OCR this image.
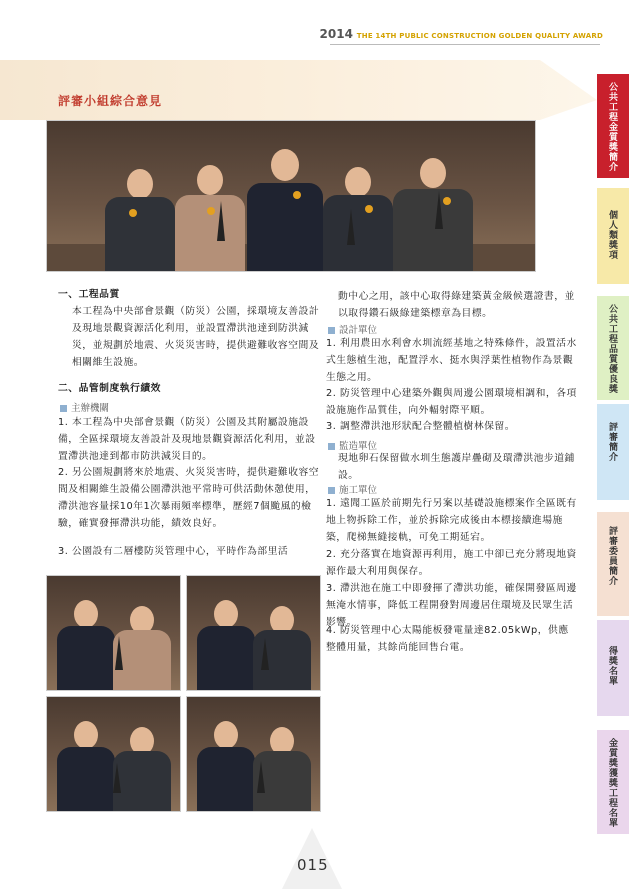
2014 THE 14TH PUBLIC CONSTRUCTION GOLDEN QUALITY AWARD
評審小組綜合意見
一、工程品質
本工程為中央部會景觀（防災）公園，採環境友善設計及現地景觀資源活化利用，並設置滯洪池達到防洪減災，並規劃於地震、火災災害時，提供避難收容空間及相關維生設施。
二、品管制度執行績效
主辦機關
1. 本工程為中央部會景觀（防災）公園及其附屬設施設備，全區採環境友善設計及現地景觀資源活化利用，並設置滯洪池達到都市防洪減災目的。
2. 另公園規劃將來於地震、火災災害時，提供避難收容空間及相關維生設備公園滯洪池平常時可供活動休憩使用，滯洪池容量採10年1次暴雨頻率標準，歷經7個颱風的檢驗，確實發揮滯洪功能，績效良好。
3. 公園設有二層樓防災管理中心，平時作為部里活
動中心之用，該中心取得綠建築黃金級候選證書，並以取得鑽石級綠建築標章為目標。
設計單位
1. 利用農田水利會水圳流經基地之特殊條件，設置活水式生態植生池，配置浮水、挺水與浮葉性植物作為景觀生態之用。
2. 防災管理中心建築外觀與周邊公園環境相調和，各項設施施作品質佳，向外輻射際平順。
3. 調整滯洪池形狀配合整體植樹林保留。
監造單位
現地卵石保留做水圳生態護岸疊砌及環滯洪池步道鋪設。
施工單位
1. 遠聞工區於前期先行另案以基礎設施標案作全區既有地上物拆除工作，並於拆除完成後由本標接續進場施築，爬梯無縫接軌，可免工期延宕。
2. 充分落實在地資源再利用，施工中卻已充分將現地資源作最大利用與保存。
3. 滯洪池在施工中即發揮了滯洪功能，確保開發區周邊無淹水情事，降低工程開發對周邊居住環境及民眾生活影響。
4. 防災管理中心太陽能板發電量達82.05kWp，供應整體用量，其餘尚能回售台電。
公共工程金質獎簡介
個人類獎項
公共工程品質優良獎
評審簡介
評審委員簡介
得獎名單
金質獎獲獎工程名單
015
